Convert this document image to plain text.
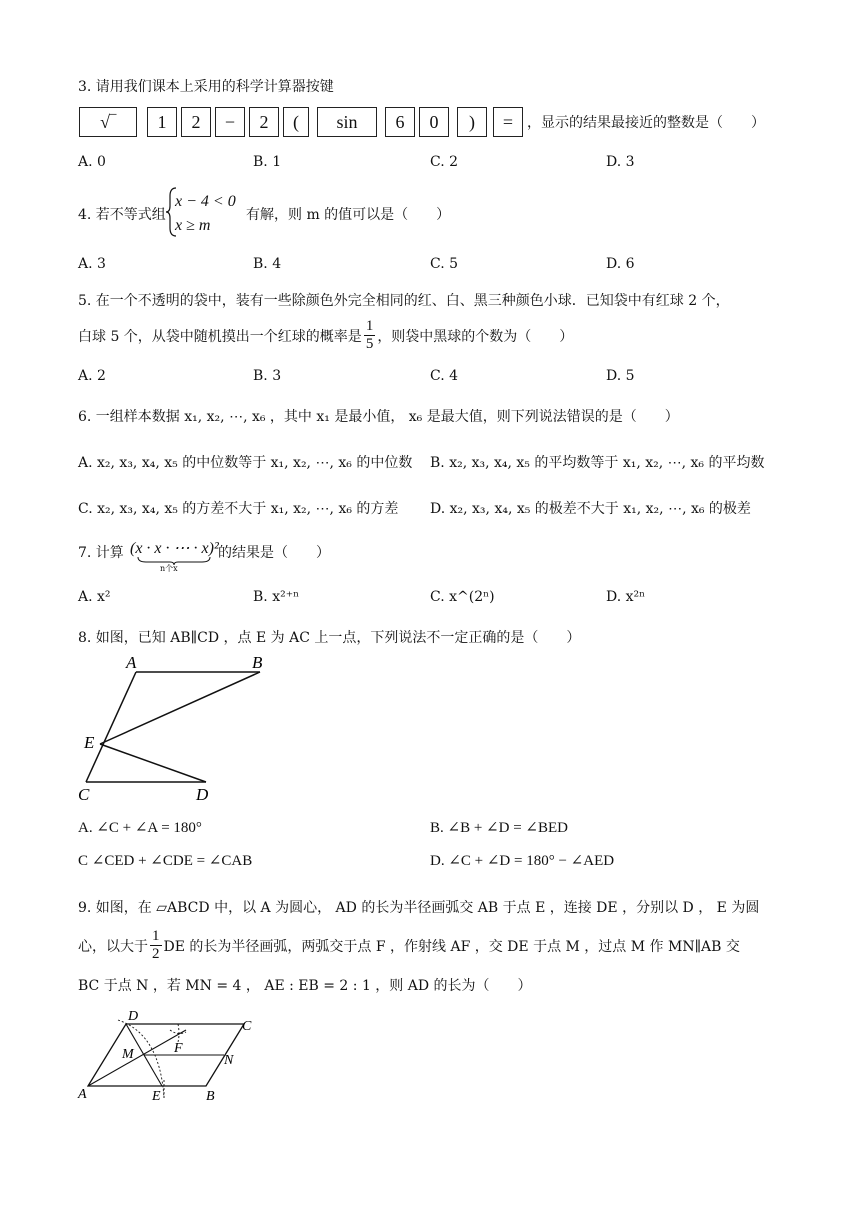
3. 请用我们课本上采用的科学计算器按键
√‾	1	2	−	2	(	sin	6	0	)	= ，显示的结果最接近的整数是（　　）
A. 0	B. 1	C. 2	D. 3
4. 若不等式组
x − 4 < 0
x ≥ m
有解，则 m 的值可以是（　　）
A. 3	B. 4	C. 5	D. 6
5. 在一个不透明的袋中，装有一些除颜色外完全相同的红、白、黑三种颜色小球．已知袋中有红球 2 个，
白球 5 个，从袋中随机摸出一个红球的概率是 $\frac{1}{5}$ ，则袋中黑球的个数为（　　）
A. 2	B. 3	C. 4	D. 5
6. 一组样本数据 x₁, x₂, ⋯, x₆ ，其中 x₁ 是最小值， x₆ 是最大值，则下列说法错误的是（　　）
A. x₂, x₃, x₄, x₅ 的中位数等于 x₁, x₂, ⋯, x₆ 的中位数 B. x₂, x₃, x₄, x₅ 的平均数等于 x₁, x₂, ⋯, x₆ 的平均数
C. x₂, x₃, x₄, x₅ 的方差不大于 x₁, x₂, ⋯, x₆ 的方差 D. x₂, x₃, x₄, x₅ 的极差不大于 x₁, x₂, ⋯, x₆ 的极差
7. 计算 (x · x · ⋯ · x)²
n个x
的结果是（　　）
A. x²	B. x²⁺ⁿ	C. x^(2ⁿ)	D. x²ⁿ
8. 如图，已知 AB∥CD ，点 E 为 AC 上一点，下列说法不一定正确的是（　　）
A	B
E
C	D
A. ∠C + ∠A = 180°	B. ∠B + ∠D = ∠BED
C ∠CED + ∠CDE = ∠CAB	D. ∠C + ∠D = 180° − ∠AED
9. 如图，在 ▱ABCD 中，以 A 为圆心， AD 的长为半径画弧交 AB 于点 E ，连接 DE ，分别以 D ， E 为圆
心，以大于 $\frac{1}{2}$ DE 的长为半径画弧，两弧交于点 F ，作射线 AF ，交 DE 于点 M ，过点 M 作 MN∥AB 交
BC 于点 N ，若 MN = 4 ， AE : EB = 2 : 1 ，则 AD 的长为（　　）
D
C
F
M	N
A	E	B
